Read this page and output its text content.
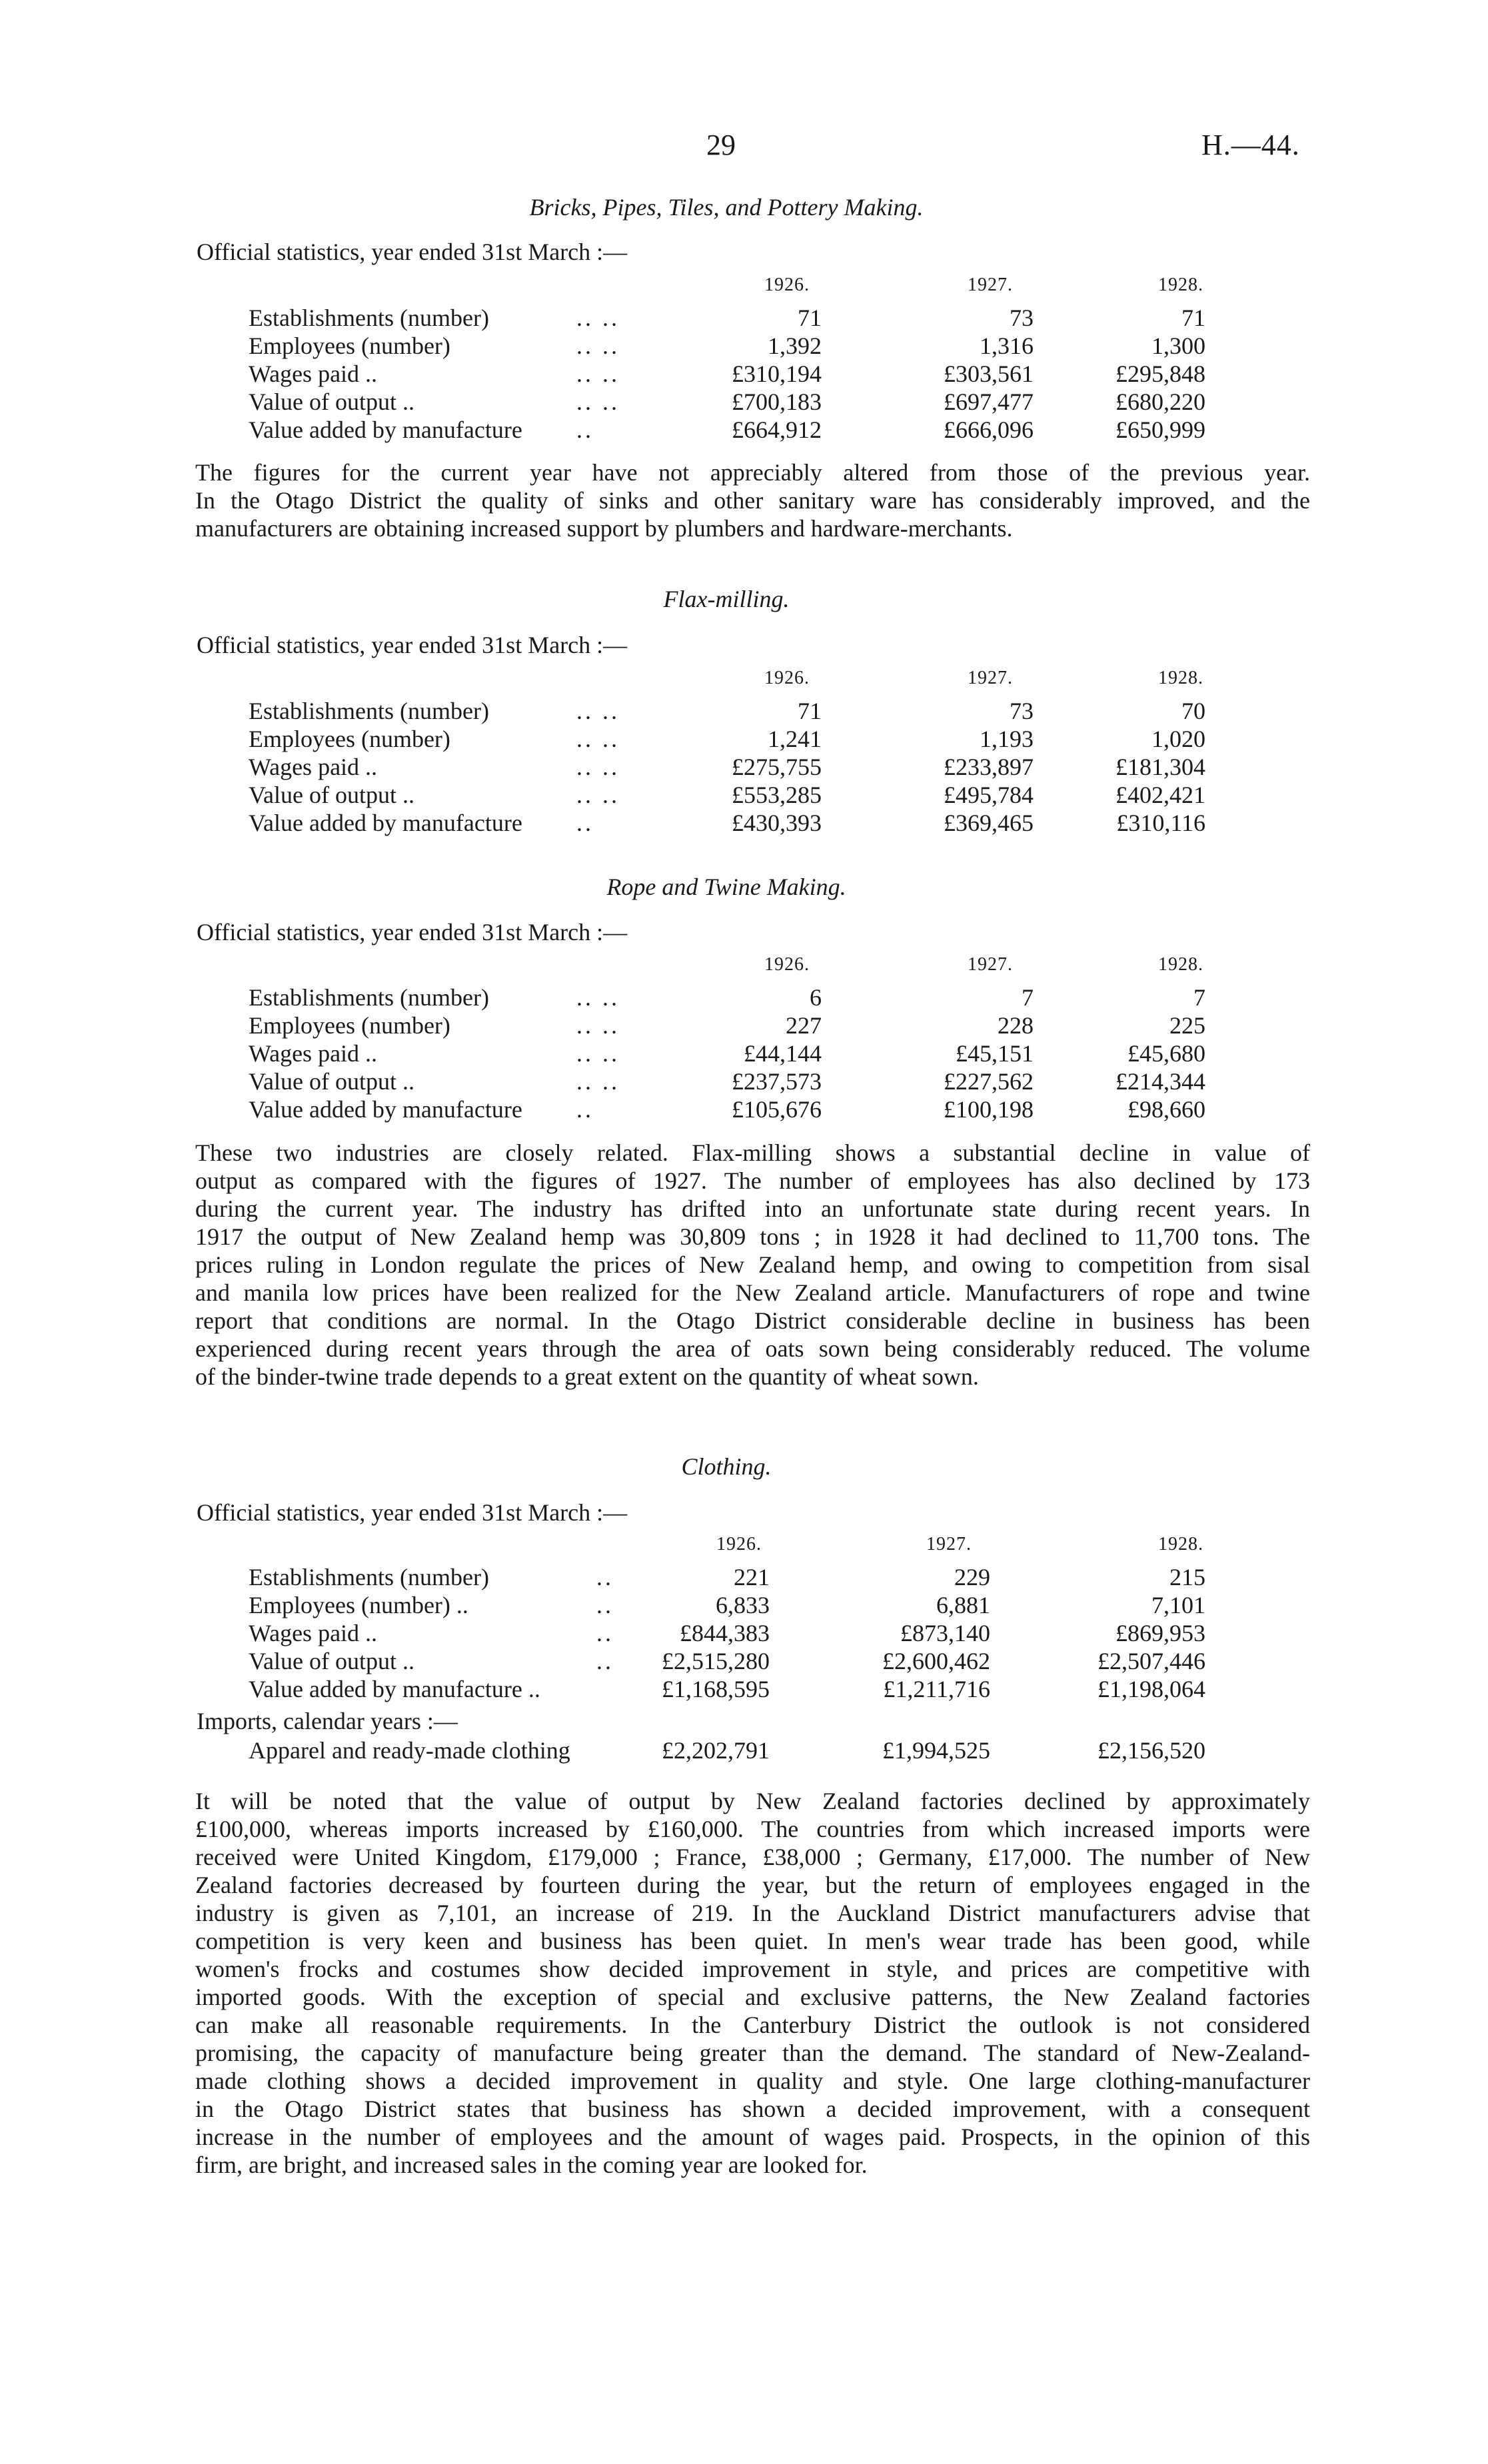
29	H.—44.
Bricks, Pipes, Tiles, and Pottery Making.
Official statistics, year ended 31st March :—
1926.	1927.	1928.
Establishments (number)	.. ..	71	73	71
Employees (number)	.. ..	1,392	1,316	1,300
Wages paid ..	.. ..	£310,194	£303,561	£295,848
Value of output ..	.. ..	£700,183	£697,477	£680,220
Value added by manufacture ..	£664,912	£666,096	£650,999
The figures for the current year have not appreciably altered from those of the previous year.
In the Otago District the quality of sinks and other sanitary ware has considerably improved, and the
manufacturers are obtaining increased support by plumbers and hardware-merchants.
Flax-milling.
Official statistics, year ended 31st March :—
1926.	1927.	1928.
Establishments (number)	.. ..	71	73	70
Employees (number)	.. ..	1,241	1,193	1,020
Wages paid ..	.. ..	£275,755	£233,897	£181,304
Value of output ..	.. ..	£553,285	£495,784	£402,421
Value added by manufacture ..	£430,393	£369,465	£310,116
Rope and Twine Making.
Official statistics, year ended 31st March :—
1926.	1927.	1928.
Establishments (number)	.. ..	6	7	7
Employees (number)	.. ..	227	228	225
Wages paid ..	.. ..	£44,144	£45,151	£45,680
Value of output ..	.. ..	£237,573	£227,562	£214,344
Value added by manufacture ..	£105,676	£100,198	£98,660
These two industries are closely related. Flax-milling shows a substantial decline in value of
output as compared with the figures of 1927. The number of employees has also declined by 173
during the current year. The industry has drifted into an unfortunate state during recent years. In
1917 the output of New Zealand hemp was 30,809 tons ; in 1928 it had declined to 11,700 tons. The
prices ruling in London regulate the prices of New Zealand hemp, and owing to competition from sisal
and manila low prices have been realized for the New Zealand article. Manufacturers of rope and twine
report that conditions are normal. In the Otago District considerable decline in business has been
experienced during recent years through the area of oats sown being considerably reduced. The volume
of the binder-twine trade depends to a great extent on the quantity of wheat sown.
Clothing.
Official statistics, year ended 31st March :—
1926.	1927.	1928.
Establishments (number)	..	221	229	215
Employees (number) ..	..	6,833	6,881	7,101
Wages paid ..	..	£844,383	£873,140	£869,953
Value of output ..	.. £2,515,280	£2,600,462	£2,507,446
Value added by manufacture ..	£1,168,595	£1,211,716	£1,198,064
Imports, calendar years :—
Apparel and ready-made clothing	£2,202,791	£1,994,525	£2,156,520
It will be noted that the value of output by New Zealand factories declined by approximately
£100,000, whereas imports increased by £160,000. The countries from which increased imports were
received were United Kingdom, £179,000 ; France, £38,000 ; Germany, £17,000. The number of New
Zealand factories decreased by fourteen during the year, but the return of employees engaged in the
industry is given as 7,101, an increase of 219. In the Auckland District manufacturers advise that
competition is very keen and business has been quiet. In men's wear trade has been good, while
women's frocks and costumes show decided improvement in style, and prices are competitive with
imported goods. With the exception of special and exclusive patterns, the New Zealand factories
can make all reasonable requirements. In the Canterbury District the outlook is not considered
promising, the capacity of manufacture being greater than the demand. The standard of New-Zealand-
made clothing shows a decided improvement in quality and style. One large clothing-manufacturer
in the Otago District states that business has shown a decided improvement, with a consequent
increase in the number of employees and the amount of wages paid. Prospects, in the opinion of this
firm, are bright, and increased sales in the coming year are looked for.
